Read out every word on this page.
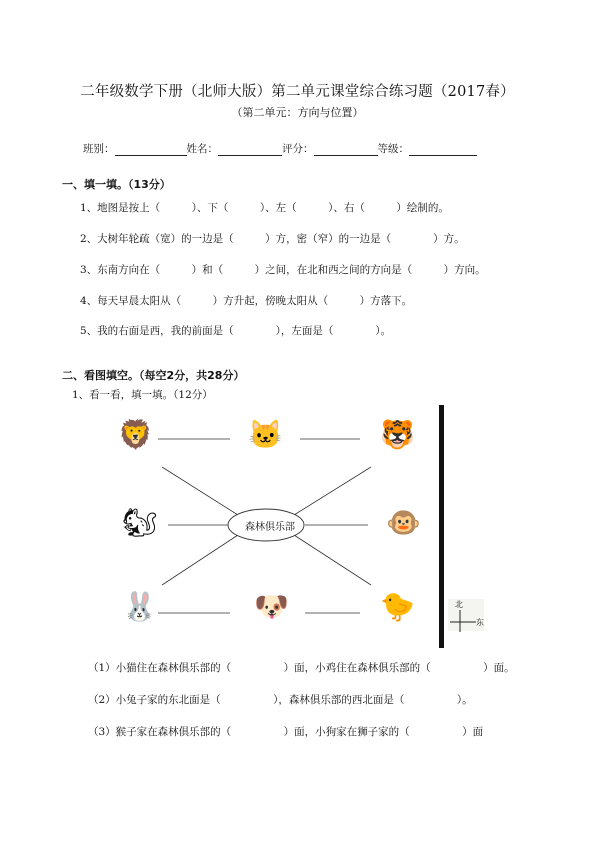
二年级数学下册（北师大版）第二单元课堂综合练习题（2017春）
（第二单元：方向与位置）
班别：	姓名：	评分：	等级：
一、填一填。（13分）
1、地图是按上（　　　）、下（　　　）、左（　　　）、右（　　　）绘制的。
2、大树年轮疏（宽）的一边是（　　　）方，密（窄）的一边是（　　　　）方。
3、东南方向在（　　　）和（　　　）之间，在北和西之间的方向是（　　　）方向。
4、每天早晨太阳从（　　　）方升起，傍晚太阳从（　　　）方落下。
5、我的右面是西，我的前面是（　　　　），左面是（　　　　）。
二、看图填空。（每空2分，共28分）
1、看一看，填一填。（12分）
森林俱乐部
北
东
🦁	🐱	🐯
🐿	🐵
🐰	🐶	🐤
（1）小猫住在森林俱乐部的（　　　　　）面，小鸡住在森林俱乐部的（　　　　　）面。
（2）小兔子家的东北面是（　　　　　），森林俱乐部的西北面是（　　　　　）。
（3）猴子家在森林俱乐部的（　　　　　）面，小狗家在狮子家的（　　　　　）面
